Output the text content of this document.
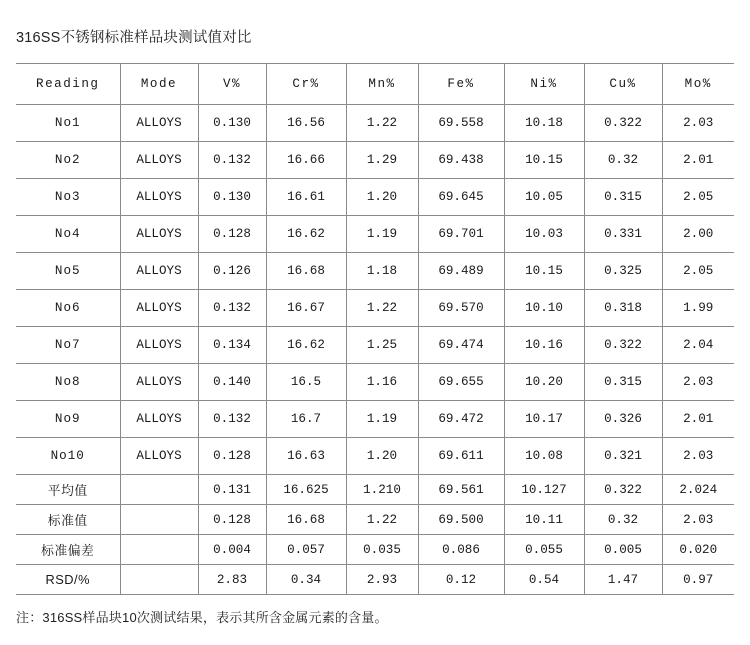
316SS不锈钢标准样品块测试值对比
Reading	Mode	V%	Cr%	Mn%	Fe%	Ni%	Cu%	Mo%
No1	ALLOYS	0.130	16.56	1.22	69.558	10.18	0.322	2.03
No2	ALLOYS	0.132	16.66	1.29	69.438	10.15	0.32	2.01
No3	ALLOYS	0.130	16.61	1.20	69.645	10.05	0.315	2.05
No4	ALLOYS	0.128	16.62	1.19	69.701	10.03	0.331	2.00
No5	ALLOYS	0.126	16.68	1.18	69.489	10.15	0.325	2.05
No6	ALLOYS	0.132	16.67	1.22	69.570	10.10	0.318	1.99
No7	ALLOYS	0.134	16.62	1.25	69.474	10.16	0.322	2.04
No8	ALLOYS	0.140	16.5	1.16	69.655	10.20	0.315	2.03
No9	ALLOYS	0.132	16.7	1.19	69.472	10.17	0.326	2.01
No10	ALLOYS	0.128	16.63	1.20	69.611	10.08	0.321	2.03
平均值		0.131	16.625	1.210	69.561	10.127	0.322	2.024
标准值		0.128	16.68	1.22	69.500	10.11	0.32	2.03
标准偏差		0.004	0.057	0.035	0.086	0.055	0.005	0.020
RSD/%		2.83	0.34	2.93	0.12	0.54	1.47	0.97
注：316SS样品块10次测试结果，表示其所含金属元素的含量。
